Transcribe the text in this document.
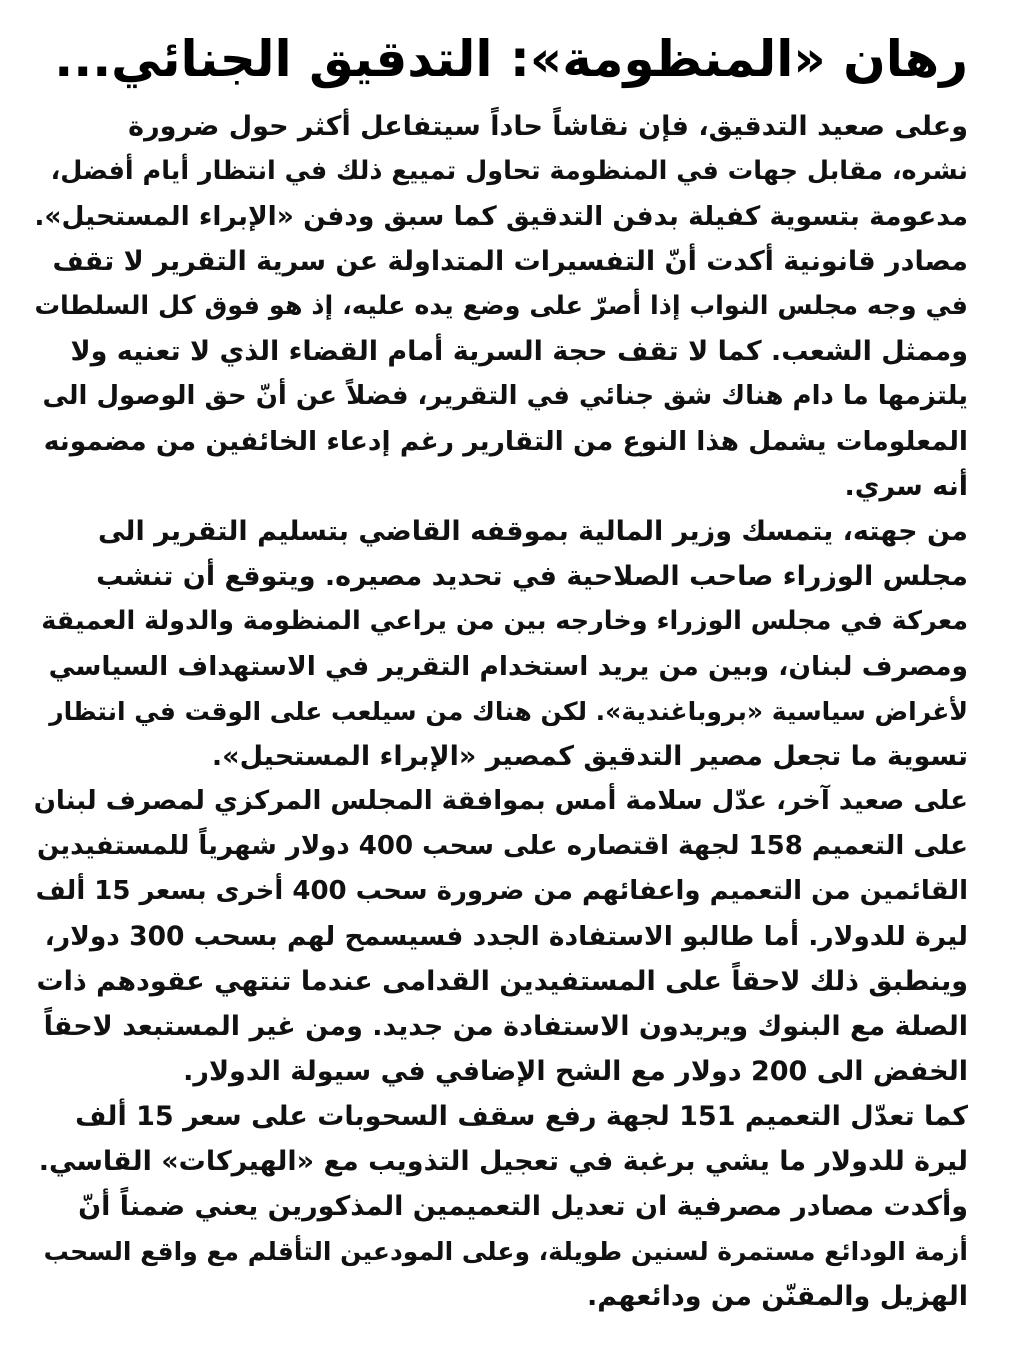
رهان «المنظومة»: التدقيق الجنائي...

وعلى صعيد التدقيق، فإن نقاشاً حاداً سيتفاعل أكثر حول ضرورة
نشره، مقابل جهات في المنظومة تحاول تمييع ذلك في انتظار أيام أفضل،
مدعومة بتسوية كفيلة بدفن التدقيق كما سبق ودفن «الإبراء المستحيل».

مصادر قانونية أكدت أنّ التفسيرات المتداولة عن سرية التقرير لا تقف
في وجه مجلس النواب إذا أصرّ على وضع يده عليه، إذ هو فوق كل السلطات
وممثل الشعب. كما لا تقف حجة السرية أمام القضاء الذي لا تعنيه ولا
يلتزمها ما دام هناك شق جنائي في التقرير، فضلاً عن أنّ حق الوصول الى
المعلومات يشمل هذا النوع من التقارير رغم إدعاء الخائفين من مضمونه
أنه سري.

من جهته، يتمسك وزير المالية بموقفه القاضي بتسليم التقرير الى
مجلس الوزراء صاحب الصلاحية في تحديد مصيره. ويتوقع أن تنشب
معركة في مجلس الوزراء وخارجه بين من يراعي المنظومة والدولة العميقة
ومصرف لبنان، وبين من يريد استخدام التقرير في الاستهداف السياسي
لأغراض سياسية «بروباغندية». لكن هناك من سيلعب على الوقت في انتظار
تسوية ما تجعل مصير التدقيق كمصير «الإبراء المستحيل».

على صعيد آخر، عدّل سلامة أمس بموافقة المجلس المركزي لمصرف لبنان
على التعميم 158 لجهة اقتصاره على سحب 400 دولار شهرياً للمستفيدين
القائمين من التعميم واعفائهم من ضرورة سحب 400 أخرى بسعر 15 ألف
ليرة للدولار. أما طالبو الاستفادة الجدد فسيسمح لهم بسحب 300 دولار،
وينطبق ذلك لاحقاً على المستفيدين القدامى عندما تنتهي عقودهم ذات
الصلة مع البنوك ويريدون الاستفادة من جديد. ومن غير المستبعد لاحقاً
الخفض الى 200 دولار مع الشح الإضافي في سيولة الدولار.

كما تعدّل التعميم 151 لجهة رفع سقف السحوبات على سعر 15 ألف
ليرة للدولار ما يشي برغبة في تعجيل التذويب مع «الهيركات» القاسي.
وأكدت مصادر مصرفية ان تعديل التعميمين المذكورين يعني ضمناً أنّ
أزمة الودائع مستمرة لسنين طويلة، وعلى المودعين التأقلم مع واقع السحب
الهزيل والمقنّن من ودائعهم.
